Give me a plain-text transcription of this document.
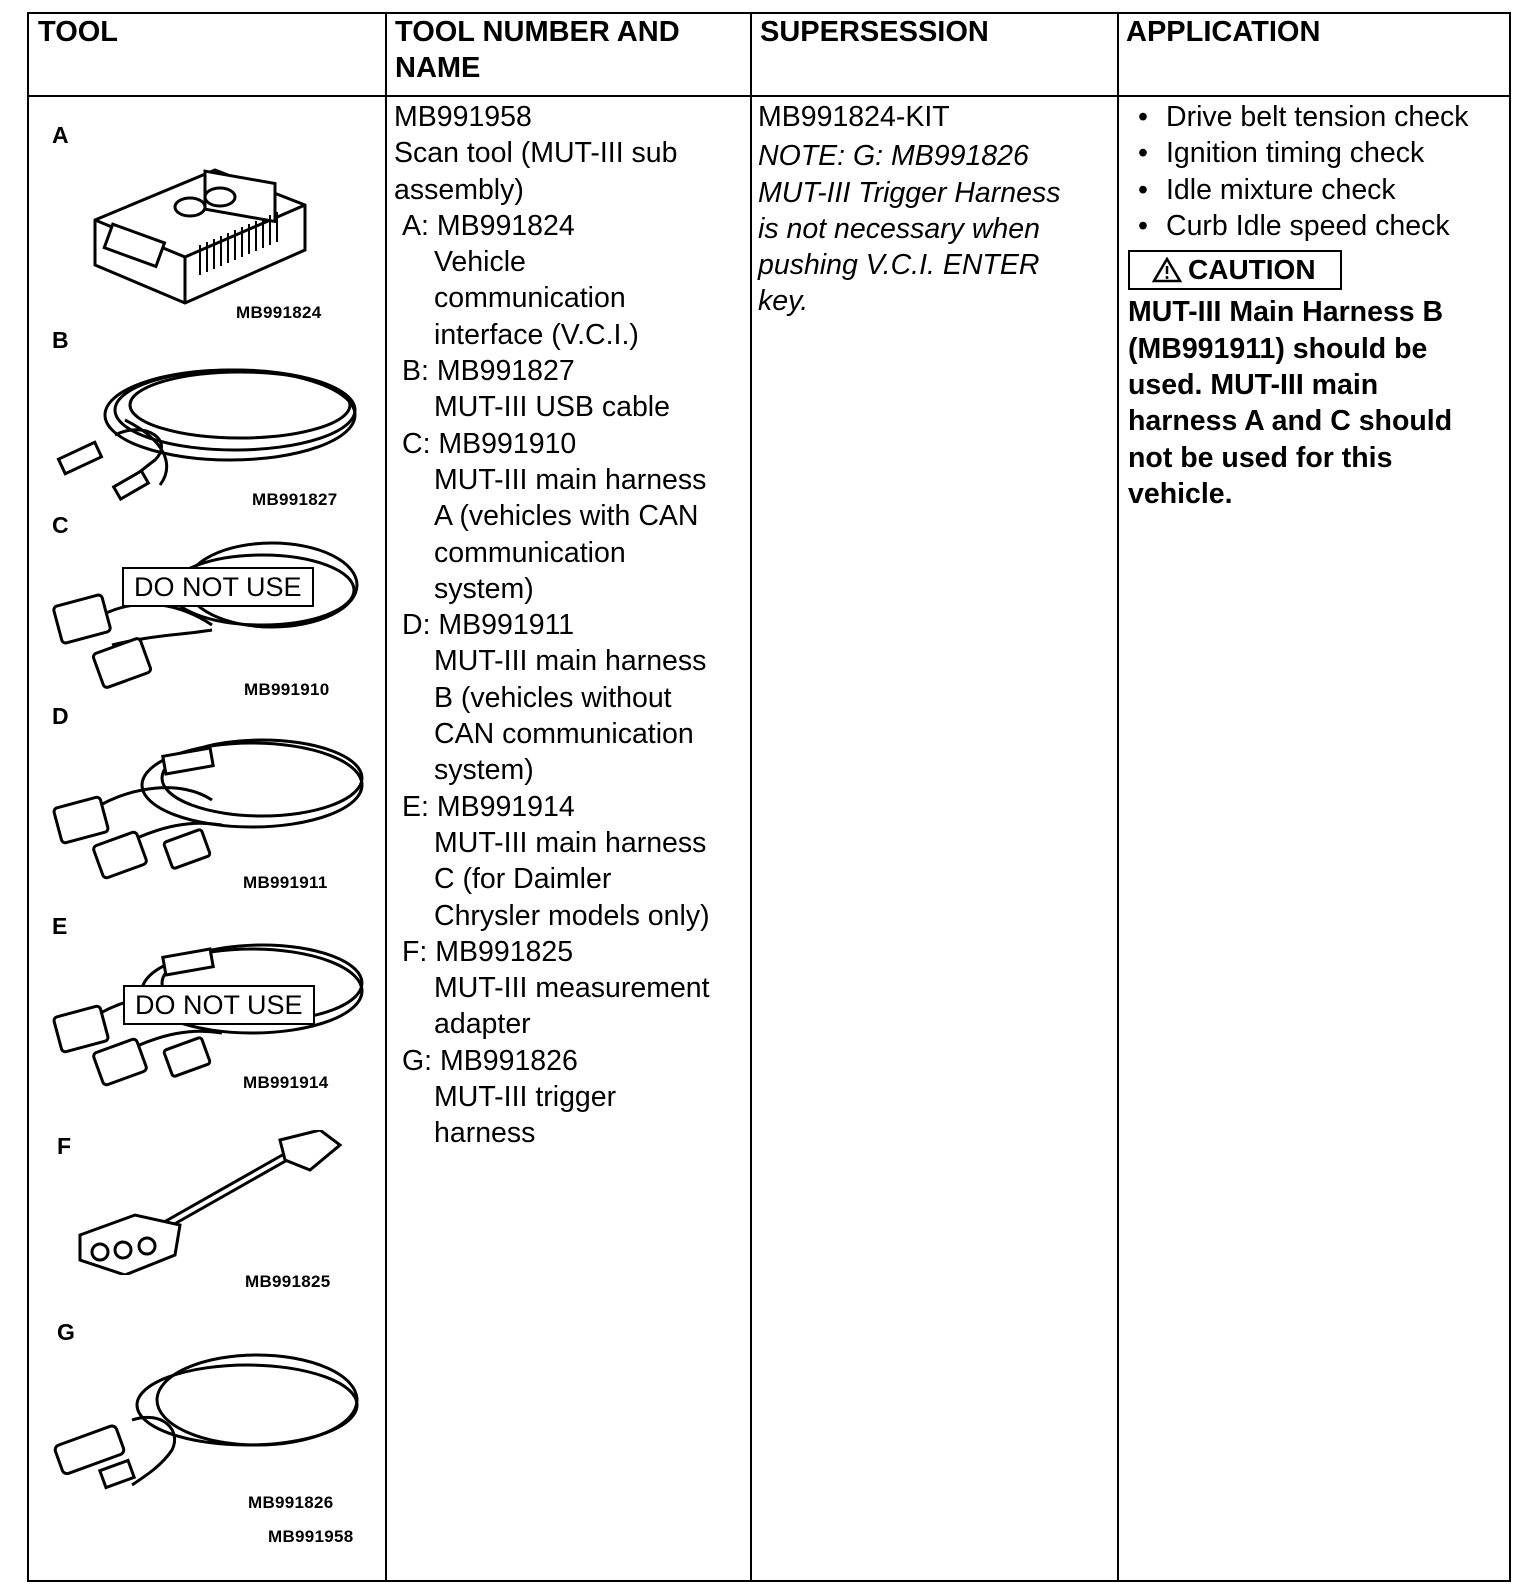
TOOL	TOOL NUMBER AND
NAME
SUPERSESSION	APPLICATION
A
MB991824
B
MB991827
C
DO NOT USE
MB991910
D
MB991911
E
DO NOT USE
MB991914
F
MB991825
G
MB991826
MB991958
MB991958
Scan tool (MUT-III sub
assembly)
A: MB991824
Vehicle
communication
interface (V.C.I.)
B: MB991827
MUT-III USB cable
C: MB991910
MUT-III main harness
A (vehicles with CAN
communication
system)
D: MB991911
MUT-III main harness
B (vehicles without
CAN communication
system)
E: MB991914
MUT-III main harness
C (for Daimler
Chrysler models only)
F: MB991825
MUT-III measurement
adapter
G: MB991826
MUT-III trigger
harness
MB991824-KIT
NOTE: G: MB991826
MUT-III Trigger Harness
is not necessary when
pushing V.C.I. ENTER
key.
• Drive belt tension check
• Ignition timing check
• Idle mixture check
• Curb Idle speed check
CAUTION
MUT-III Main Harness B
(MB991911) should be
used. MUT-III main
harness A and C should
not be used for this
vehicle.
